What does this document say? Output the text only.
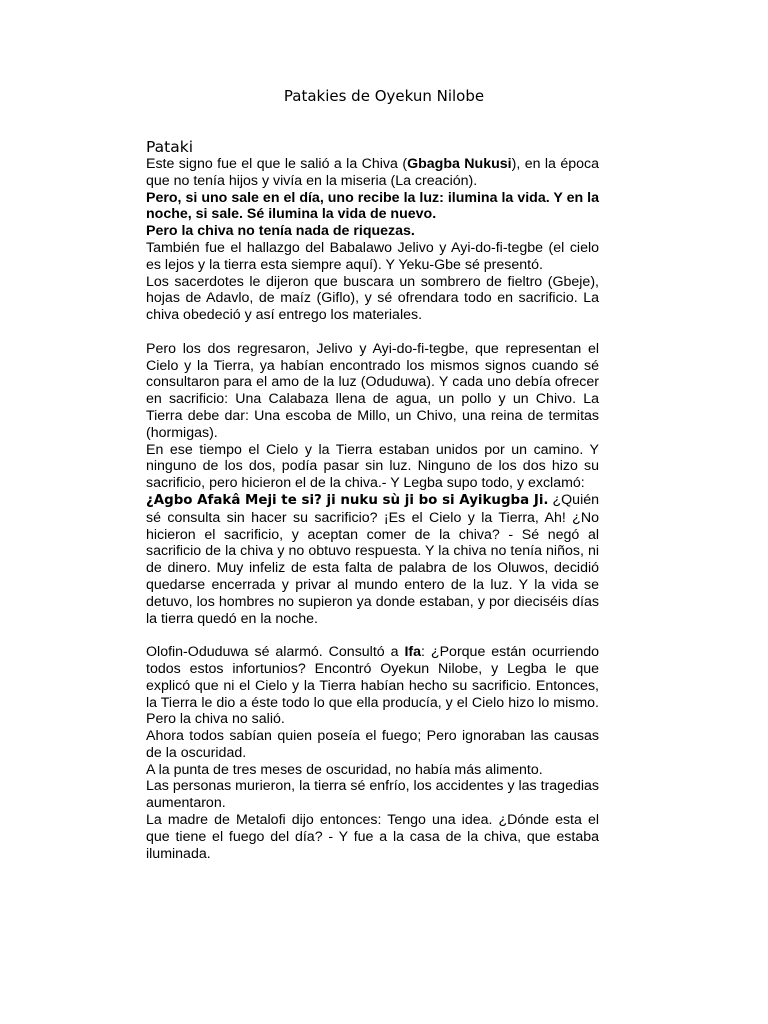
Patakies de Oyekun Nilobe
Pataki

Este signo fue el que le salió a la Chiva (Gbagba Nukusi), en la época que no tenía hijos y vivía en la miseria (La creación).

Pero, si uno sale en el día, uno recibe la luz: ilumina la vida. Y en la noche, si sale. Sé ilumina la vida de nuevo.

Pero la chiva no tenía nada de riquezas.

También fue el hallazgo del Babalawo Jelivo y Ayi-do-fi-tegbe (el cielo es lejos y la tierra esta siempre aquí). Y Yeku-Gbe sé presentó.

Los sacerdotes le dijeron que buscara un sombrero de fieltro (Gbeje), hojas de Adavlo, de maíz (Giflo), y sé ofrendara todo en sacrificio. La chiva obedeció y así entrego los materiales.

Pero los dos regresaron, Jelivo y Ayi-do-fi-tegbe, que representan el Cielo y la Tierra, ya habían encontrado los mismos signos cuando sé consultaron para el amo de la luz (Oduduwa). Y cada uno debía ofrecer en sacrificio: Una Calabaza llena de agua, un pollo y un Chivo. La Tierra debe dar: Una escoba de Millo, un Chivo, una reina de termitas (hormigas).

En ese tiempo el Cielo y la Tierra estaban unidos por un camino. Y ninguno de los dos, podía pasar sin luz. Ninguno de los dos hizo su sacrificio, pero hicieron el de la chiva.- Y Legba supo todo, y exclamó:

¿Agbo Afakâ Meji te si? ji nuku sù ji bo si Ayikugba Ji. ¿Quién sé consulta sin hacer su sacrificio? ¡Es el Cielo y la Tierra, Ah! ¿No hicieron el sacrificio, y aceptan comer de la chiva? - Sé negó al sacrificio de la chiva y no obtuvo respuesta. Y la chiva no tenía niños, ni de dinero. Muy infeliz de esta falta de palabra de los Oluwos, decidió quedarse encerrada y privar al mundo entero de la luz. Y la vida se detuvo, los hombres no supieron ya donde estaban, y por dieciséis días la tierra quedó en la noche.

Olofin-Oduduwa sé alarmó. Consultó a Ifa: ¿Porque están ocurriendo todos estos infortunios? Encontró Oyekun Nilobe, y Legba le que explicó que ni el Cielo y la Tierra habían hecho su sacrificio. Entonces, la Tierra le dio a éste todo lo que ella producía, y el Cielo hizo lo mismo. Pero la chiva no salió.

Ahora todos sabían quien poseía el fuego; Pero ignoraban las causas de la oscuridad.

A la punta de tres meses de oscuridad, no había más alimento.

Las personas murieron, la tierra sé enfrío, los accidentes y las tragedias aumentaron.

La madre de Metalofi dijo entonces: Tengo una idea. ¿Dónde esta el que tiene el fuego del día? - Y fue a la casa de la chiva, que estaba iluminada.
